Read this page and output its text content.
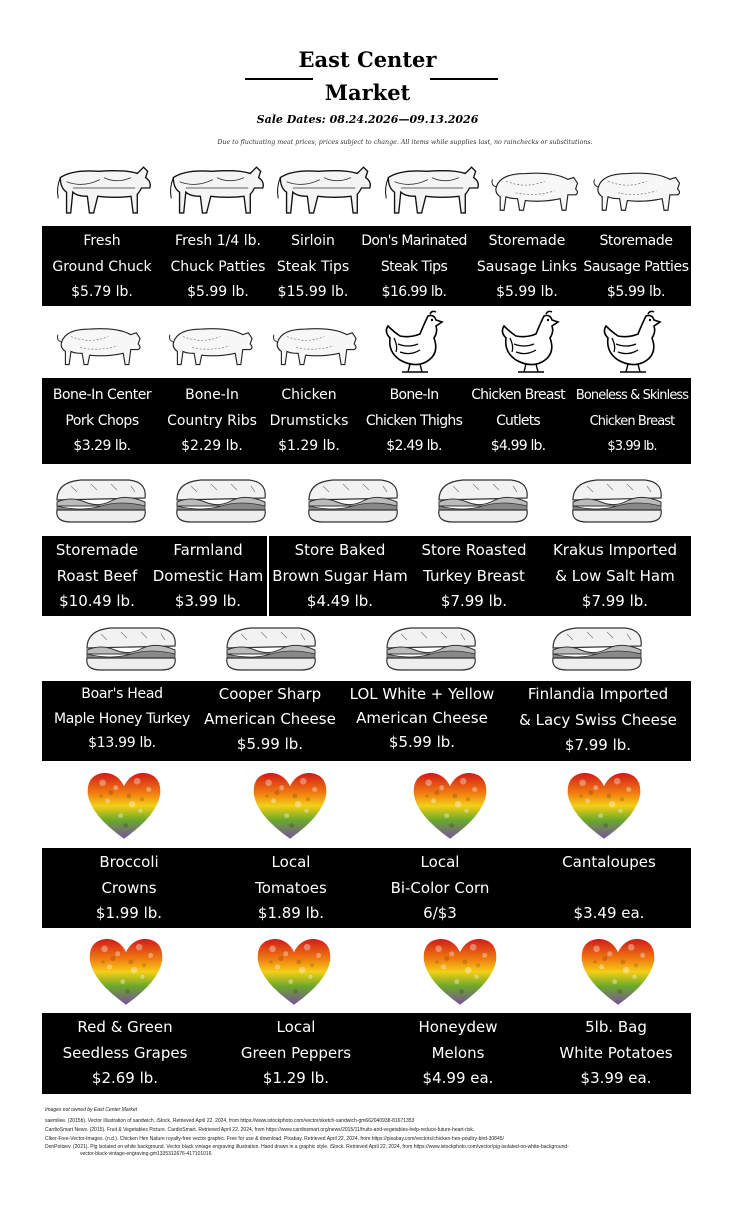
East Center
Market
Sale Dates: 08.24.2026—09.13.2026
Due to fluctuating meat prices, prices subject to change. All items while supplies last, no rainchecks or substitutions.
Fresh
Ground Chuck
$5.79 lb.
Fresh 1/4 lb.
Chuck Patties
$5.99 lb.
Sirloin
Steak Tips
$15.99 lb.
Don's Marinated
Steak Tips
$16.99 lb.
Storemade
Sausage Links
$5.99 lb.
Storemade
Sausage Patties
$5.99 lb.
Bone-In Center
Pork Chops
$3.29 lb.
Bone-In
Country Ribs
$2.29 lb.
Chicken
Drumsticks
$1.29 lb.
Bone-In
Chicken Thighs
$2.49 lb.
Chicken Breast
Cutlets
$4.99 lb.
Boneless & Skinless
Chicken Breast
$3.99 lb.
Storemade
Roast Beef
$10.49 lb.
Farmland
Domestic Ham
$3.99 lb.
Store Baked
Brown Sugar Ham
$4.49 lb.
Store Roasted
Turkey Breast
$7.99 lb.
Krakus Imported
& Low Salt Ham
$7.99 lb.
Boar's Head
Maple Honey Turkey
$13.99 lb.
Cooper Sharp
American Cheese
$5.99 lb.
LOL White + Yellow
American Cheese
$5.99 lb.
Finlandia Imported
& Lacy Swiss Cheese
$7.99 lb.
Broccoli
Crowns
$1.99 lb.
Local
Tomatoes
$1.89 lb.
Local
Bi-Color Corn
6/$3
Cantaloupes

$3.49 ea.
Red & Green
Seedless Grapes
$2.69 lb.
Local
Green Peppers
$1.29 lb.
Honeydew
Melons
$4.99 ea.
5lb. Bag
White Potatoes
$3.99 ea.
Images not owned by East Center Market
saemilee. (2015b). Vector illustration of sandwich. iStock. Retrieved April 22, 2024, from https://www.istockphoto.com/vector/sketch-sandwich-gm662040938-81671353
CardioSmart News. (2015). Fruit & Vegetables Picture. CardioSmart. Retrieved April 22, 2024, from https://www.cardiosmart.org/news/2015/11/fruits-and-vegetables-help-reduce-future-heart-risk.
Clker-Free-Vector-Images. (n.d.). Chicken Hen Nature royalty-free vector graphic. Free for use & download. Pixabay. Retrieved April 22, 2024, from https://pixabay.com/vectors/chicken-hen-poultry-bird-30845/
DenPotisev. (2021). Pig isolated on white background. Vector black vintage engraving illustration. Hand drawn in a graphic style. iStock. Retrieved April 22, 2024, from https://www.istockphoto.com/vector/pig-isolated-on-white-background-
vector-black-vintage-engraving-gm1335312676-417101016
